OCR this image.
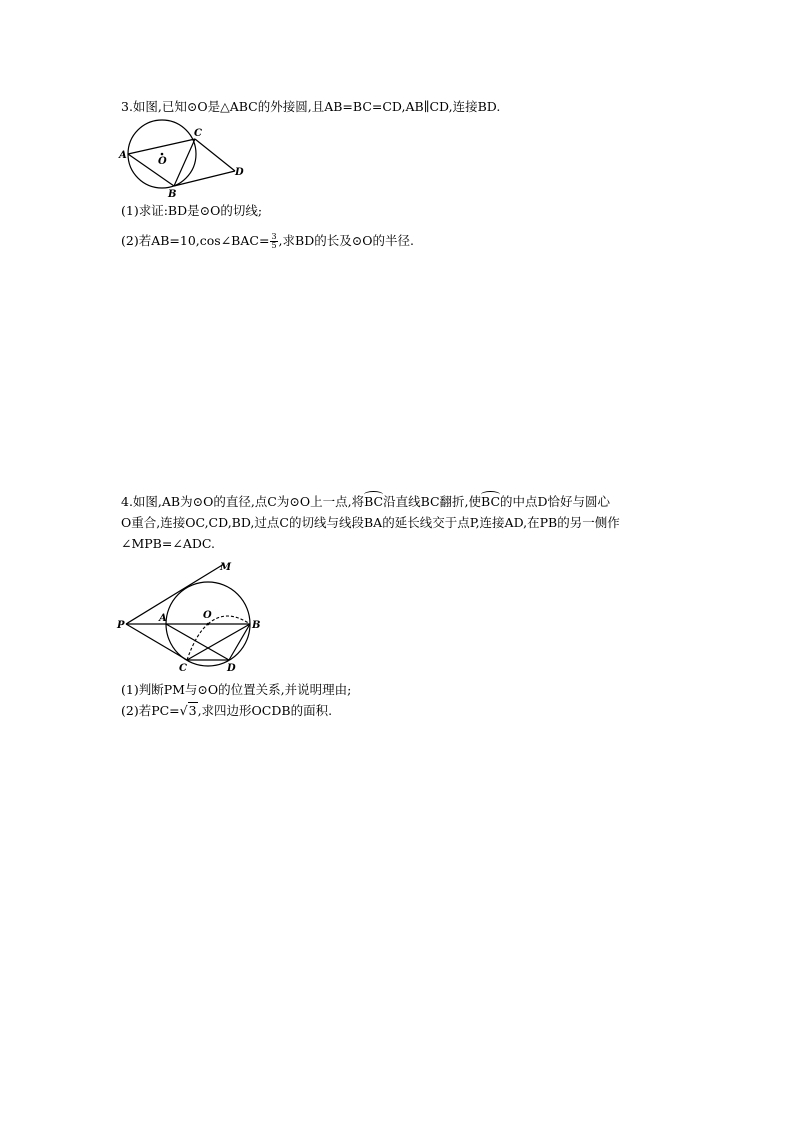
3.如图,已知⊙O是△ABC的外接圆,且AB=BC=CD,AB∥CD,连接BD.
A
B
C
D
O
(1)求证:BD是⊙O的切线;
(2)若AB=10,cos∠BAC= $\frac{3}{5}$ ,求BD的长及⊙O的半径.
4.如图,AB为⊙O的直径,点C为⊙O上一点,将BC沿直线BC翻折,使BC的中点D恰好与圆心
O重合,连接OC,CD,BD,过点C的切线与线段BA的延长线交于点P,连接AD,在PB的另一侧作
∠MPB=∠ADC.
M
P
A	O
B
C	D
(1)判断PM与⊙O的位置关系,并说明理由;
(2)若PC=√3,求四边形OCDB的面积.
